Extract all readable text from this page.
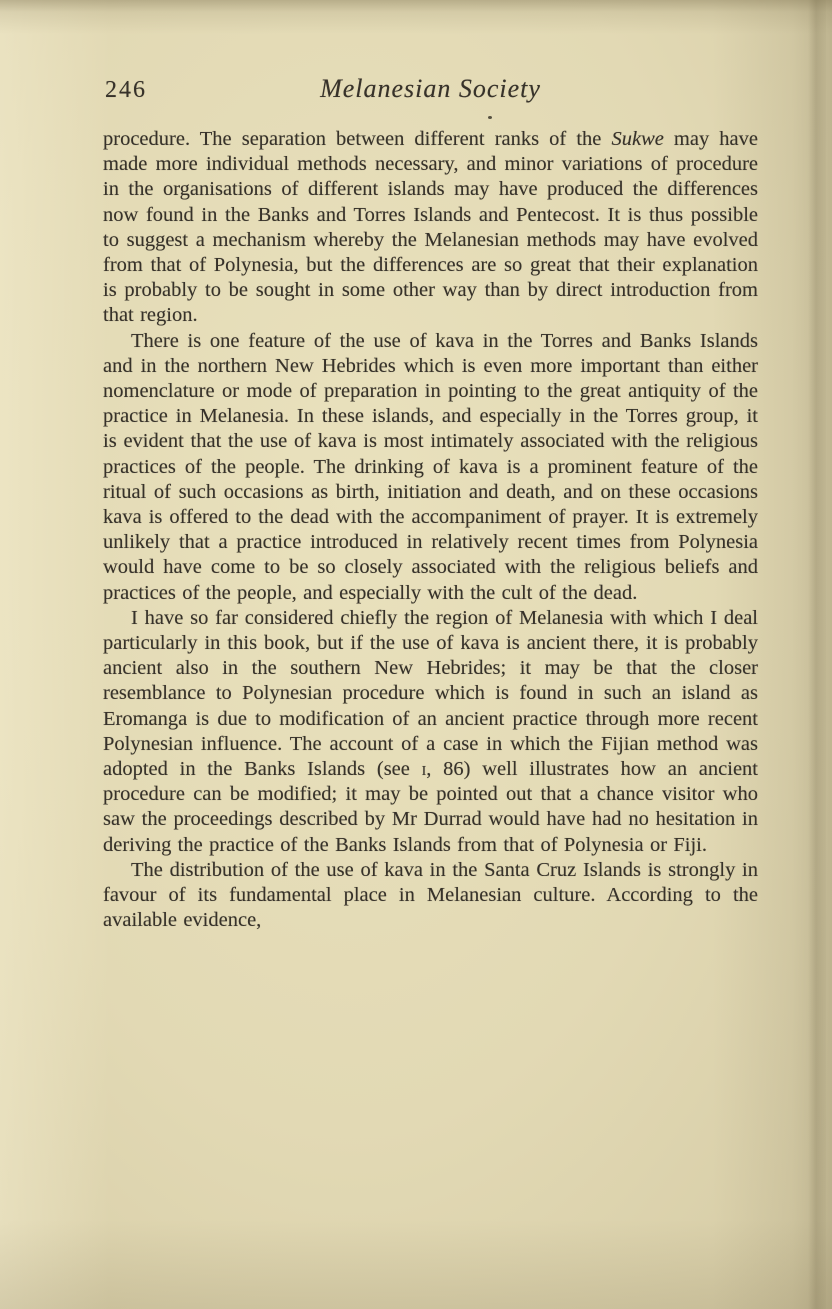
246	Melanesian Society

procedure. The separation between different ranks of the Sukwe may have made more individual methods necessary, and minor variations of procedure in the organisations of different islands may have produced the differences now found in the Banks and Torres Islands and Pentecost. It is thus possible to suggest a mechanism whereby the Melanesian methods may have evolved from that of Polynesia, but the differences are so great that their explanation is probably to be sought in some other way than by direct introduction from that region.

There is one feature of the use of kava in the Torres and Banks Islands and in the northern New Hebrides which is even more important than either nomenclature or mode of preparation in pointing to the great antiquity of the practice in Melanesia. In these islands, and especially in the Torres group, it is evident that the use of kava is most intimately associated with the religious practices of the people. The drinking of kava is a prominent feature of the ritual of such occasions as birth, initiation and death, and on these occasions kava is offered to the dead with the accompaniment of prayer. It is extremely unlikely that a practice introduced in relatively recent times from Polynesia would have come to be so closely associated with the religious beliefs and practices of the people, and especially with the cult of the dead.

I have so far considered chiefly the region of Melanesia with which I deal particularly in this book, but if the use of kava is ancient there, it is probably ancient also in the southern New Hebrides; it may be that the closer resemblance to Polynesian procedure which is found in such an island as Eromanga is due to modification of an ancient practice through more recent Polynesian influence. The account of a case in which the Fijian method was adopted in the Banks Islands (see i, 86) well illustrates how an ancient procedure can be modified; it may be pointed out that a chance visitor who saw the proceedings described by Mr Durrad would have had no hesitation in deriving the practice of the Banks Islands from that of Polynesia or Fiji.

The distribution of the use of kava in the Santa Cruz Islands is strongly in favour of its fundamental place in Melanesian culture. According to the available evidence,
